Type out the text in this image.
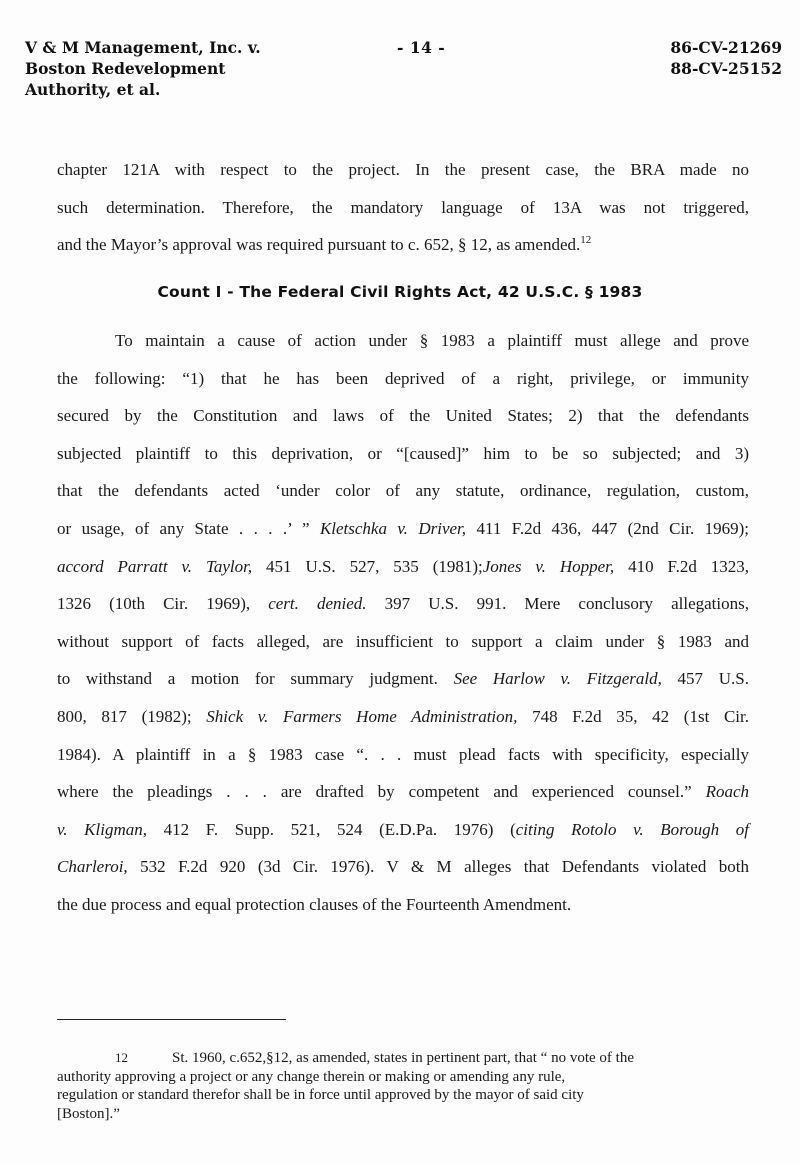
V & M Management, Inc. v.
Boston Redevelopment
Authority, et al.
- 14 -	86-CV-21269
88-CV-25152
chapter 121A with respect to the project. In the present case, the BRA made no
such determination. Therefore, the mandatory language of 13A was not triggered,
and the Mayor’s approval was required pursuant to c. 652, § 12, as amended.$^{12}$
Count I - The Federal Civil Rights Act, 42 U.S.C. § 1983
To maintain a cause of action under § 1983 a plaintiff must allege and prove
the following: “1) that he has been deprived of a right, privilege, or immunity
secured by the Constitution and laws of the United States; 2) that the defendants
subjected plaintiff to this deprivation, or “[caused]” him to be so subjected; and 3)
that the defendants acted ‘under color of any statute, ordinance, regulation, custom,
or usage, of any State . . . .’ ” Kletschka v. Driver, 411 F.2d 436, 447 (2nd Cir. 1969);
accord Parratt v. Taylor, 451 U.S. 527, 535 (1981);Jones v. Hopper, 410 F.2d 1323,
1326 (10th Cir. 1969), cert. denied. 397 U.S. 991. Mere conclusory allegations,
without support of facts alleged, are insufficient to support a claim under § 1983 and
to withstand a motion for summary judgment. See Harlow v. Fitzgerald, 457 U.S.
800, 817 (1982); Shick v. Farmers Home Administration, 748 F.2d 35, 42 (1st Cir.
1984). A plaintiff in a § 1983 case “. . . must plead facts with specificity, especially
where the pleadings . . . are drafted by competent and experienced counsel.” Roach
v. Kligman, 412 F. Supp. 521, 524 (E.D.Pa. 1976) (citing Rotolo v. Borough of
Charleroi, 532 F.2d 920 (3d Cir. 1976). V & M alleges that Defendants violated both
the due process and equal protection clauses of the Fourteenth Amendment.
12	St. 1960, c.652,§12, as amended, states in pertinent part, that “ no vote of the
authority approving a project or any change therein or making or amending any rule,
regulation or standard therefor shall be in force until approved by the mayor of said city
[Boston].”
